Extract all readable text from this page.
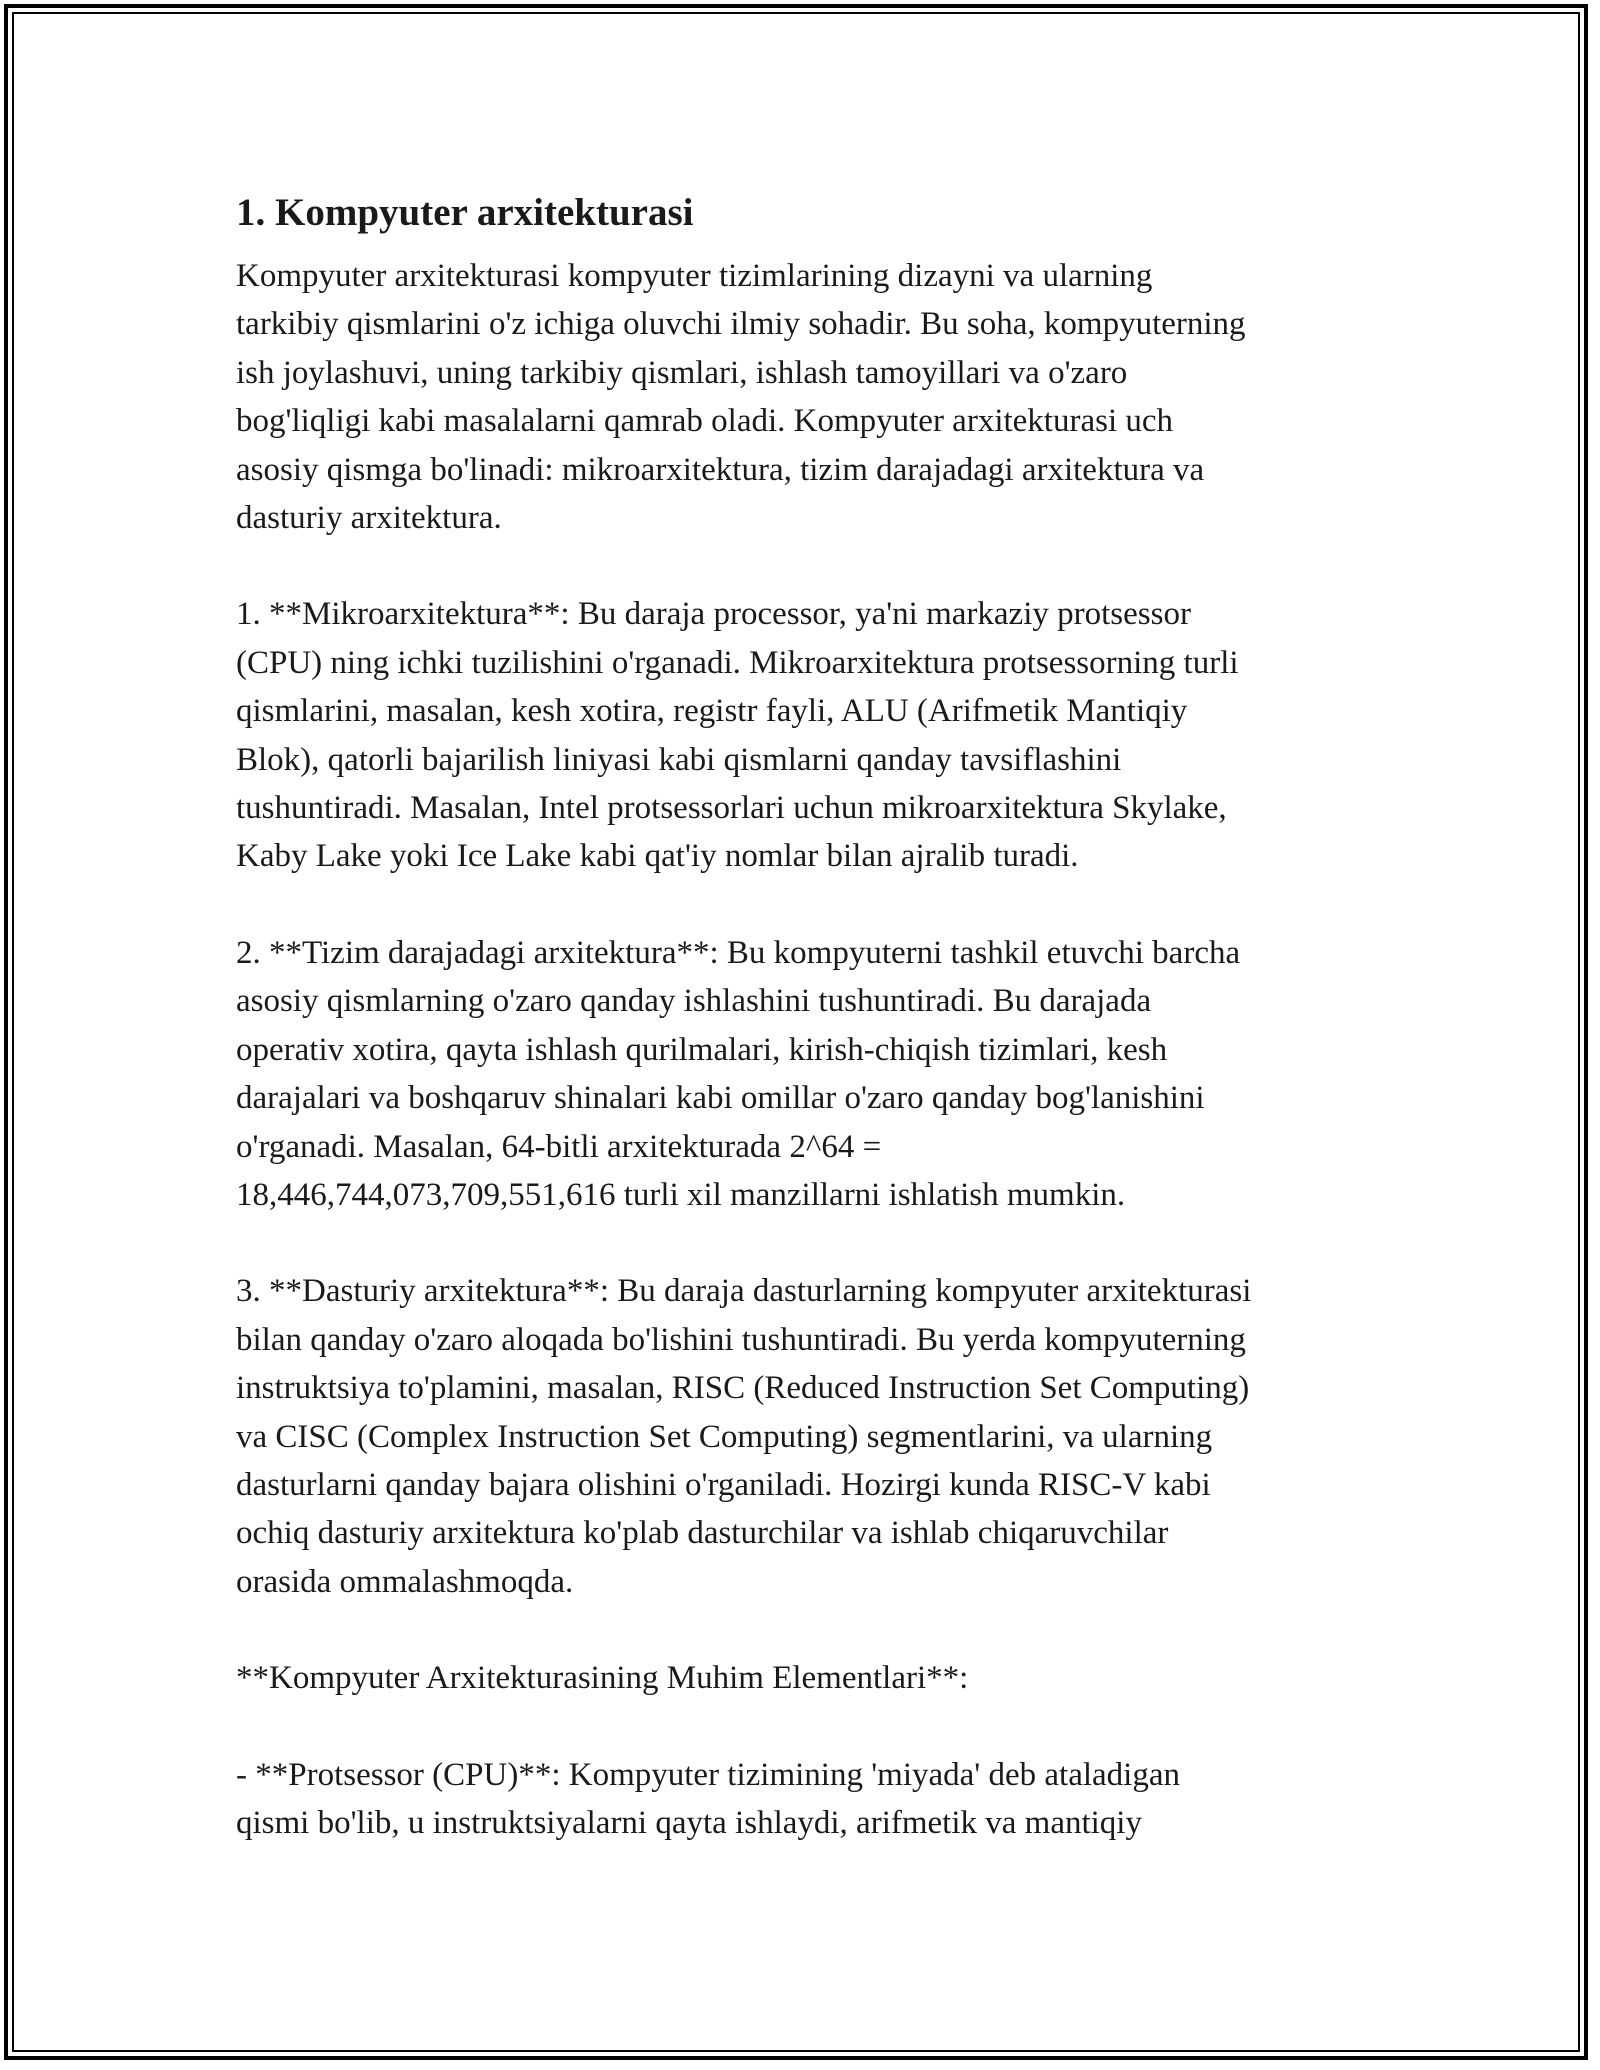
1. Kompyuter arxitekturasi

Kompyuter arxitekturasi kompyuter tizimlarining dizayni va ularning
tarkibiy qismlarini o'z ichiga oluvchi ilmiy sohadir. Bu soha, kompyuterning
ish joylashuvi, uning tarkibiy qismlari, ishlash tamoyillari va o'zaro
bog'liqligi kabi masalalarni qamrab oladi. Kompyuter arxitekturasi uch
asosiy qismga bo'linadi: mikroarxitektura, tizim darajadagi arxitektura va
dasturiy arxitektura.

1. **Mikroarxitektura**: Bu daraja processor, ya'ni markaziy protsessor
(CPU) ning ichki tuzilishini o'rganadi. Mikroarxitektura protsessorning turli
qismlarini, masalan, kesh xotira, registr fayli, ALU (Arifmetik Mantiqiy
Blok), qatorli bajarilish liniyasi kabi qismlarni qanday tavsiflashini
tushuntiradi. Masalan, Intel protsessorlari uchun mikroarxitektura Skylake,
Kaby Lake yoki Ice Lake kabi qat'iy nomlar bilan ajralib turadi.

2. **Tizim darajadagi arxitektura**: Bu kompyuterni tashkil etuvchi barcha
asosiy qismlarning o'zaro qanday ishlashini tushuntiradi. Bu darajada
operativ xotira, qayta ishlash qurilmalari, kirish-chiqish tizimlari, kesh
darajalari va boshqaruv shinalari kabi omillar o'zaro qanday bog'lanishini
o'rganadi. Masalan, 64-bitli arxitekturada 2^64 =
18,446,744,073,709,551,616 turli xil manzillarni ishlatish mumkin.

3. **Dasturiy arxitektura**: Bu daraja dasturlarning kompyuter arxitekturasi
bilan qanday o'zaro aloqada bo'lishini tushuntiradi. Bu yerda kompyuterning
instruktsiya to'plamini, masalan, RISC (Reduced Instruction Set Computing)
va CISC (Complex Instruction Set Computing) segmentlarini, va ularning
dasturlarni qanday bajara olishini o'rganiladi. Hozirgi kunda RISC-V kabi
ochiq dasturiy arxitektura ko'plab dasturchilar va ishlab chiqaruvchilar
orasida ommalashmoqda.

**Kompyuter Arxitekturasining Muhim Elementlari**:

- **Protsessor (CPU)**: Kompyuter tizimining 'miyada' deb ataladigan
qismi bo'lib, u instruktsiyalarni qayta ishlaydi, arifmetik va mantiqiy
